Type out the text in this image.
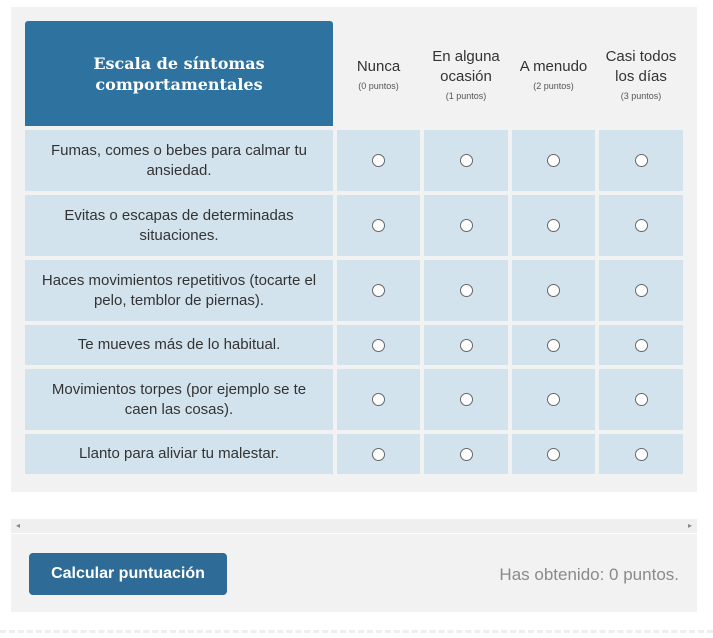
Escala de síntomas comportamentales
Nunca
(0 puntos)
En alguna ocasión
(1 puntos)
A menudo
(2 puntos)
Casi todos los días
(3 puntos)
Fumas, comes o bebes para calmar tu ansiedad.
Evitas o escapas de determinadas situaciones.
Haces movimientos repetitivos (tocarte el pelo, temblor de piernas).
Te mueves más de lo habitual.
Movimientos torpes (por ejemplo se te caen las cosas).
Llanto para aliviar tu malestar.
◂	▸
Calcular puntuación	Has obtenido: 0 puntos.
